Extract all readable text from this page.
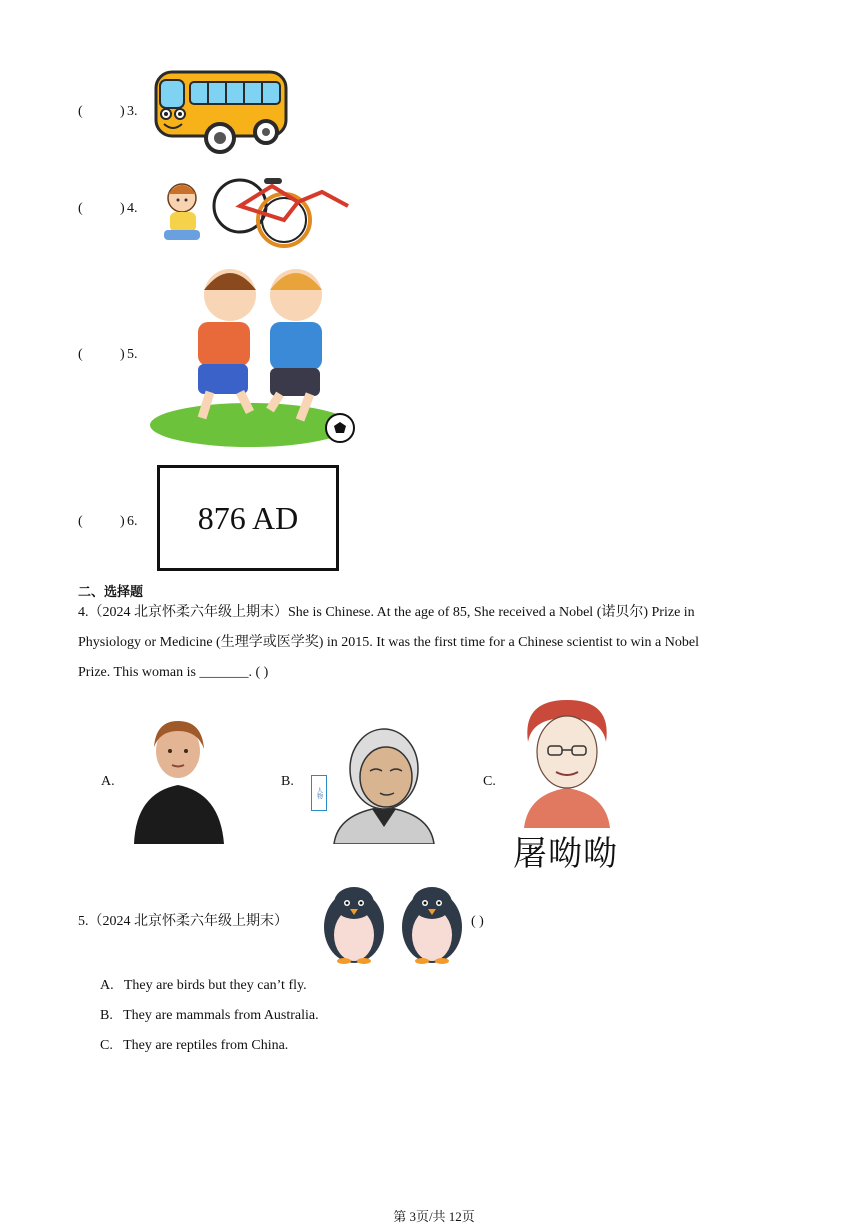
(	) 3.
(	) 4.
(	) 5.
(	) 6. 876 AD
二、选择题
4.（2024 北京怀柔六年级上期末）She is Chinese. At the age of 85, She received a Nobel (诺贝尔) Prize in
Physiology or Medicine (生理学或医学奖) in 2015. It was the first time for a Chinese scientist to win a Nobel
Prize. This woman is _______. ( )
A.	B.
人物
C.
屠呦呦
5.（2024 北京怀柔六年级上期末）	( )
A. They are birds but they can’t fly.
B. They are mammals from Australia.
C. They are reptiles from China.
第 3页/共 12页
